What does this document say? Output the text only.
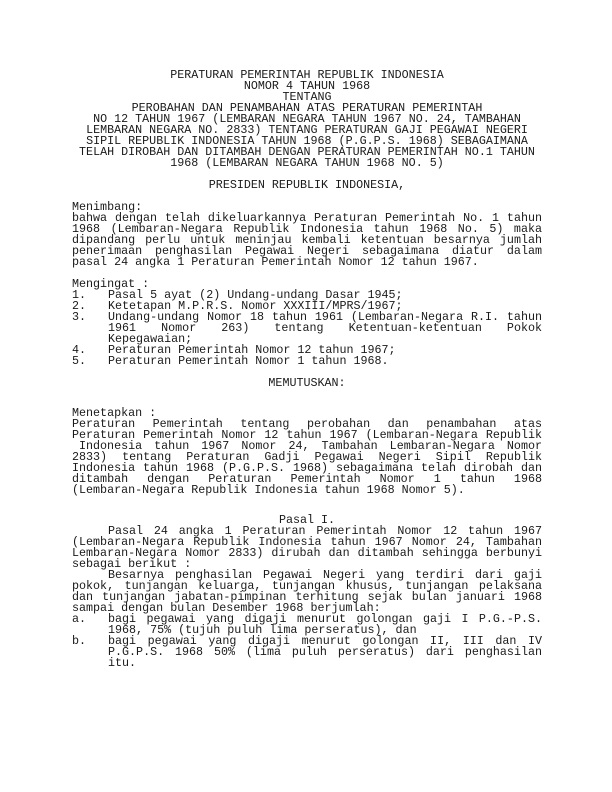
PERATURAN PEMERINTAH REPUBLIK INDONESIA
NOMOR 4 TAHUN 1968
TENTANG
PEROBAHAN DAN PENAMBAHAN ATAS PERATURAN PEMERINTAH
NO 12 TAHUN 1967 (LEMBARAN NEGARA TAHUN 1967 NO. 24, TAMBAHAN
LEMBARAN NEGARA NO. 2833) TENTANG PERATURAN GAJI PEGAWAI NEGERI
SIPIL REPUBLIK INDONESIA TAHUN 1968 (P.G.P.S. 1968) SEBAGAIMANA
TELAH DIROBAH DAN DITAMBAH DENGAN PERATURAN PEMERINTAH NO.1 TAHUN
1968 (LEMBARAN NEGARA TAHUN 1968 NO. 5)
PRESIDEN REPUBLIK INDONESIA,
Menimbang:
bahwa dengan telah dikeluarkannya Peraturan Pemerintah No. 1 tahun
1968 (Lembaran-Negara Republik Indonesia tahun 1968 No. 5) maka
dipandang perlu untuk meninjau kembali ketentuan besarnya jumlah
penerimaan penghasilan Pegawai Negeri sebagaimana diatur dalam
pasal 24 angka 1 Peraturan Pemerintah Nomor 12 tahun 1967.
Mengingat :
1.	Pasal 5 ayat (2) Undang-undang Dasar 1945;
2.	Ketetapan M.P.R.S. Nomor XXXIII/MPRS/1967;
3.	Undang-undang Nomor 18 tahun 1961 (Lembaran-Negara R.I. tahun
1961 Nomor 263) tentang Ketentuan-ketentuan Pokok
Kepegawaian;
4.	Peraturan Pemerintah Nomor 12 tahun 1967;
5.	Peraturan Pemerintah Nomor 1 tahun 1968.
MEMUTUSKAN:
Menetapkan :
Peraturan Pemerintah tentang perobahan dan penambahan atas
Peraturan Pemerintah Nomor 12 tahun 1967 (Lembaran-Negara Republik
Indonesia tahun 1967 Nomor 24, Tambahan Lembaran-Negara Nomor
2833) tentang Peraturan Gadji Pegawai Negeri Sipil Republik
Indonesia tahun 1968 (P.G.P.S. 1968) sebagaimana telah dirobah dan
ditambah dengan Peraturan Pemerintah Nomor 1 tahun 1968
(Lembaran-Negara Republik Indonesia tahun 1968 Nomor 5).
Pasal I.
Pasal 24 angka 1 Peraturan Pemerintah Nomor 12 tahun 1967
(Lembaran-Negara Republik Indonesia tahun 1967 Nomor 24, Tambahan
Lembaran-Negara Nomor 2833) dirubah dan ditambah sehingga berbunyi
sebagai berikut :
Besarnya penghasilan Pegawai Negeri yang terdiri dari gaji
pokok, tunjangan keluarga, tunjangan khusus, tunjangan pelaksana
dan tunjangan jabatan-pimpinan terhitung sejak bulan januari 1968
sampai dengan bulan Desember 1968 berjumlah:
a.	bagi pegawai yang digaji menurut golongan gaji I P.G.-P.S.
1968, 75% (tujuh puluh lima perseratus), dan
b.	bagi pegawai yang digaji menurut golongan II, III dan IV
P.G.P.S. 1968 50% (lima puluh perseratus) dari penghasilan
itu.
